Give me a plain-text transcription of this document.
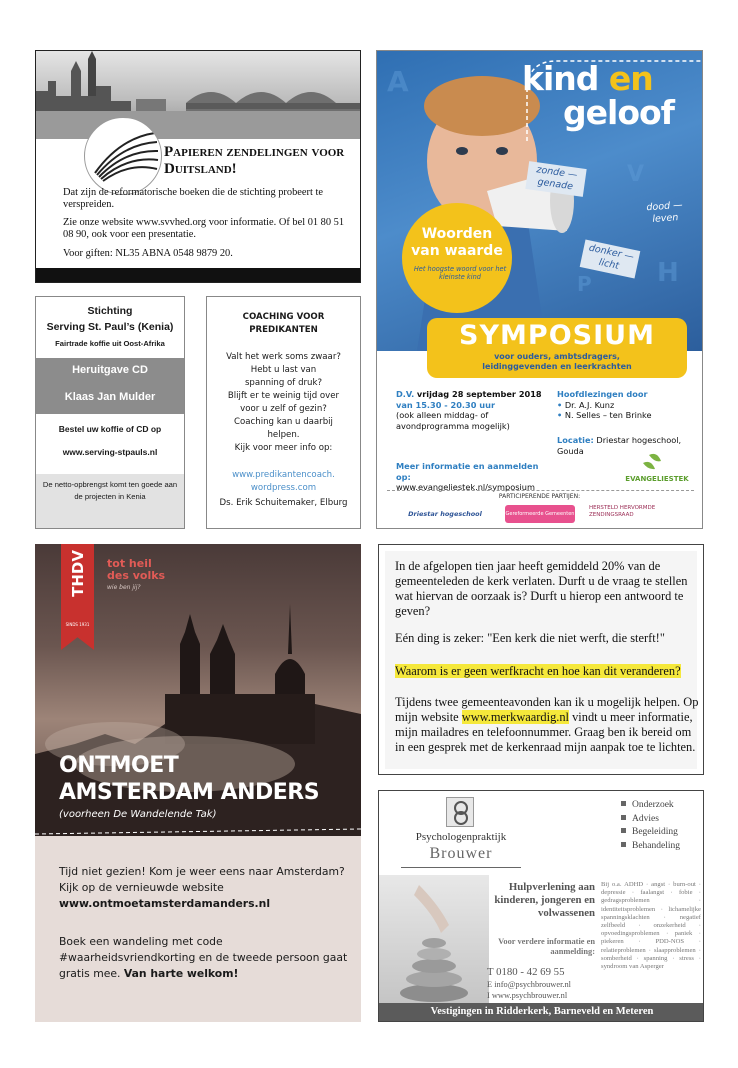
Papieren zendelingen voor Duitsland!
Dat zijn de reformatorische boeken die de stichting probeert te verspreiden.
Zie onze website www.svvhed.org voor informatie. Of bel 01 80 51 08 90, ook voor een presentatie.
Voor giften: NL35 ABNA 0548 9879 20.
Stichting
Serving St. Paul’s (Kenia)
Fairtrade koffie uit Oost-Afrika
Heruitgave CD
Klaas Jan Mulder
Bestel uw koffie of CD op
www.serving-stpauls.nl
De netto-opbrengst komt ten goede aan de projecten in Kenia
COACHING VOOR
PREDIKANTEN
Valt het werk soms zwaar?
Hebt u last van
spanning of druk?
Blijft er te weinig tijd over
voor u zelf of gezin?
Coaching kan u daarbij
helpen.
Kijk voor meer info op:
www.predikantencoach.
wordpress.com
Ds. Erik Schuitemaker, Elburg
A
V
H
P
kind en
geloof
zonde — genade
dood — leven
donker — licht
Woorden
van waarde
Het hoogste woord voor het kleinste kind
SYMPOSIUM
voor ouders, ambtsdragers,
leidinggevenden en leerkrachten
D.V. vrijdag 28 september 2018
van 15.30 - 20.30 uur
(ook alleen middag- of avondprogramma mogelijk)
Hoofdlezingen door
• Dr. A.J. Kunz
• N. Selles – ten Brinke
Locatie: Driestar hogeschool, Gouda
Meer informatie en aanmelden op:
www.evangeliestek.nl/symposium
EVANGELIESTEK
PARTICIPERENDE PARTIJEN:
Driestar hogeschool	Gereformeerde Gemeenten
HERSTELD HERVORMDE ZENDINGSRAAD
THDV
SINDS 1931
tot heil
des volks
wie ben jij?
ONTMOET
AMSTERDAM ANDERS
(voorheen De Wandelende Tak)
Tijd niet gezien! Kom je weer eens naar Amsterdam? Kijk op de vernieuwde website www.ontmoetamsterdamanders.nl
Boek een wandeling met code #waarheidsvriendkorting en de tweede persoon gaat gratis mee. Van harte welkom!
In de afgelopen tien jaar heeft gemiddeld 20% van de gemeenteleden de kerk verlaten. Durft u de vraag te stellen wat hiervan de oorzaak is? Durft u hierop een antwoord te geven?
Eén ding is zeker: "Een kerk die niet werft, die sterft!"
Waarom is er geen werfkracht en hoe kan dit veranderen?
Tijdens twee gemeenteavonden kan ik u mogelijk helpen. Op mijn website www.merkwaardig.nl vindt u meer informatie, mijn mailadres en telefoonnummer. Graag ben ik bereid om in een gesprek met de kerkenraad mijn aanpak toe te lichten.
Psychologenpraktijk
Brouwer
Onderzoek
Advies
Begeleiding
Behandeling
Hulpverlening aan kinderen, jongeren en volwassenen
Voor verdere informatie en aanmelding:
T 0180 - 42 69 55
E info@psychbrouwer.nl
I www.psychbrouwer.nl
Bij o.a. ADHD · angst · burn-out · depressie · faalangst · fobie · gedragsproblemen · identiteitsproblemen · lichamelijke spanningsklachten · negatief zelfbeeld · onzekerheid · opvoedingsproblemen · paniek · piekeren · PDD-NOS · relatieproblemen · slaapproblemen · somberheid · spanning · stress · syndroom van Asperger
Vestigingen in Ridderkerk, Barneveld en Meteren
